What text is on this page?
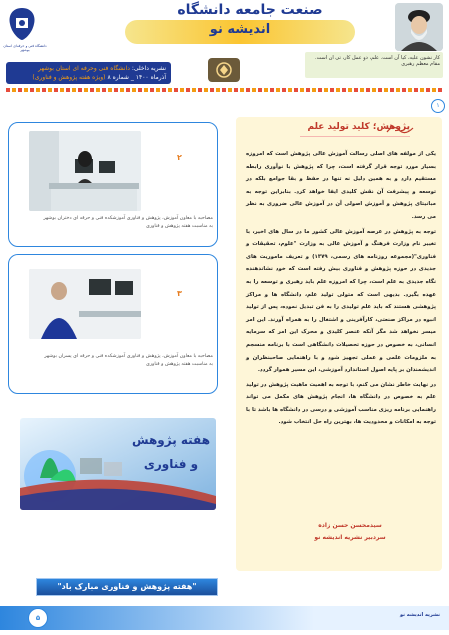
دانشگاه فنی و حرفه‌ای استان بوشهر
صنعت جامعه دانشگاه
اندیشه نو
کار نشون علیه، کیا آن است. علم، دو عمل کار، تی ان است.
مقام معظم رهبری
نشریه داخلی: دانشگاه فنی وحرفه ای استان بوشهر
آذرماه ۱۴۰۰ _ شماره ۸ (ویژه هفته پژوهش و فناوری)
۱
پژوهش؛ کلید تولید علم

یکی از مولفه های اصلی رسالت آموزش عالی پژوهش است که امروزه بسیار مورد توجه قرار گرفته است، چرا که پژوهش با نوآوری رابطه مستقیم دارد و به همین دلیل نه تنها در حفظ و بقا جوامع بلکه در توسعه و پیشرفت آن نقش کلیدی ایفا خواهد کرد. بنابراین توجه به مبانیتای پژوهش و آموزش اصولی آن در آموزش عالی ضروری به نظر می رسد.

توجه به پژوهش در عرصه آموزش عالی کشور ما در سال های اخیر، با تغییر نام وزارت فرهنگ و آموزش عالی به وزارت "علوم، تحقیقات و فناوری"(مجموعه روزنامه های رسمی، ۱۳۷۹) و تعریف ماموریت های جدیدی در حوزه پژوهش و فناوری بیش رفته است که خود نشاندهنده نگاه جدیدی به علم است، چرا که امروزه علم باید رهبری و توسعه را به عهده بگیرد. بدیهی است که متولی تولید علم، دانشگاه ها و مراکز پژوهشی هستند که باید علم تولیدی را به فن تبدیل نموده، پس از تولید انبوه در مراکز صنعتی، کارآفرینی و اشتغال را به همراه آورند. این امر میسر نخواهد شد مگر آنکه عنصر کلیدی و محرک این امر که سرمایه انسانی، به خصوص در حوزه تحصیلات دانشگاهی است با برنامه منسجم به ملزومات علمی و عملی تجهیز شود و با راهنمایی صاحبنظران و اندیشمندان بر پایه اصول استاندارد آموزشی، این مسیر هموار گردد.

در نهایت خاطر نشان می کنم، با توجه به اهمیت ماهیت پژوهش در تولید علم به خصوص در دانشگاه ها، انجام پژوهش های مکمل می تواند راهنمایی برنامه ریزی مناسب آموزشی و درسی در دانشگاه ها باشد تا با توجه به امکانات و محدودیت ها، بهترین راه حل انتخاب شود.

سیدمحسن حسن زاده
سردبیر نشریه اندیشه نو
۲
مصاحبه با معاون آموزش، پژوهش و فناوری آموزشکده فنی و حرفه ای دختران بوشهر
به مناسبت هفته پژوهش و فناوری
۳
مصاحبه با معاون آموزش، پژوهش و فناوری آموزشکده فنی و حرفه ای پسران بوشهر
به مناسبت هفته پژوهش و فناوری
هفته پژوهش و فناوری
"هفته پژوهش و فناوری مبارک باد"
نشریه اندیشه نو
۵
